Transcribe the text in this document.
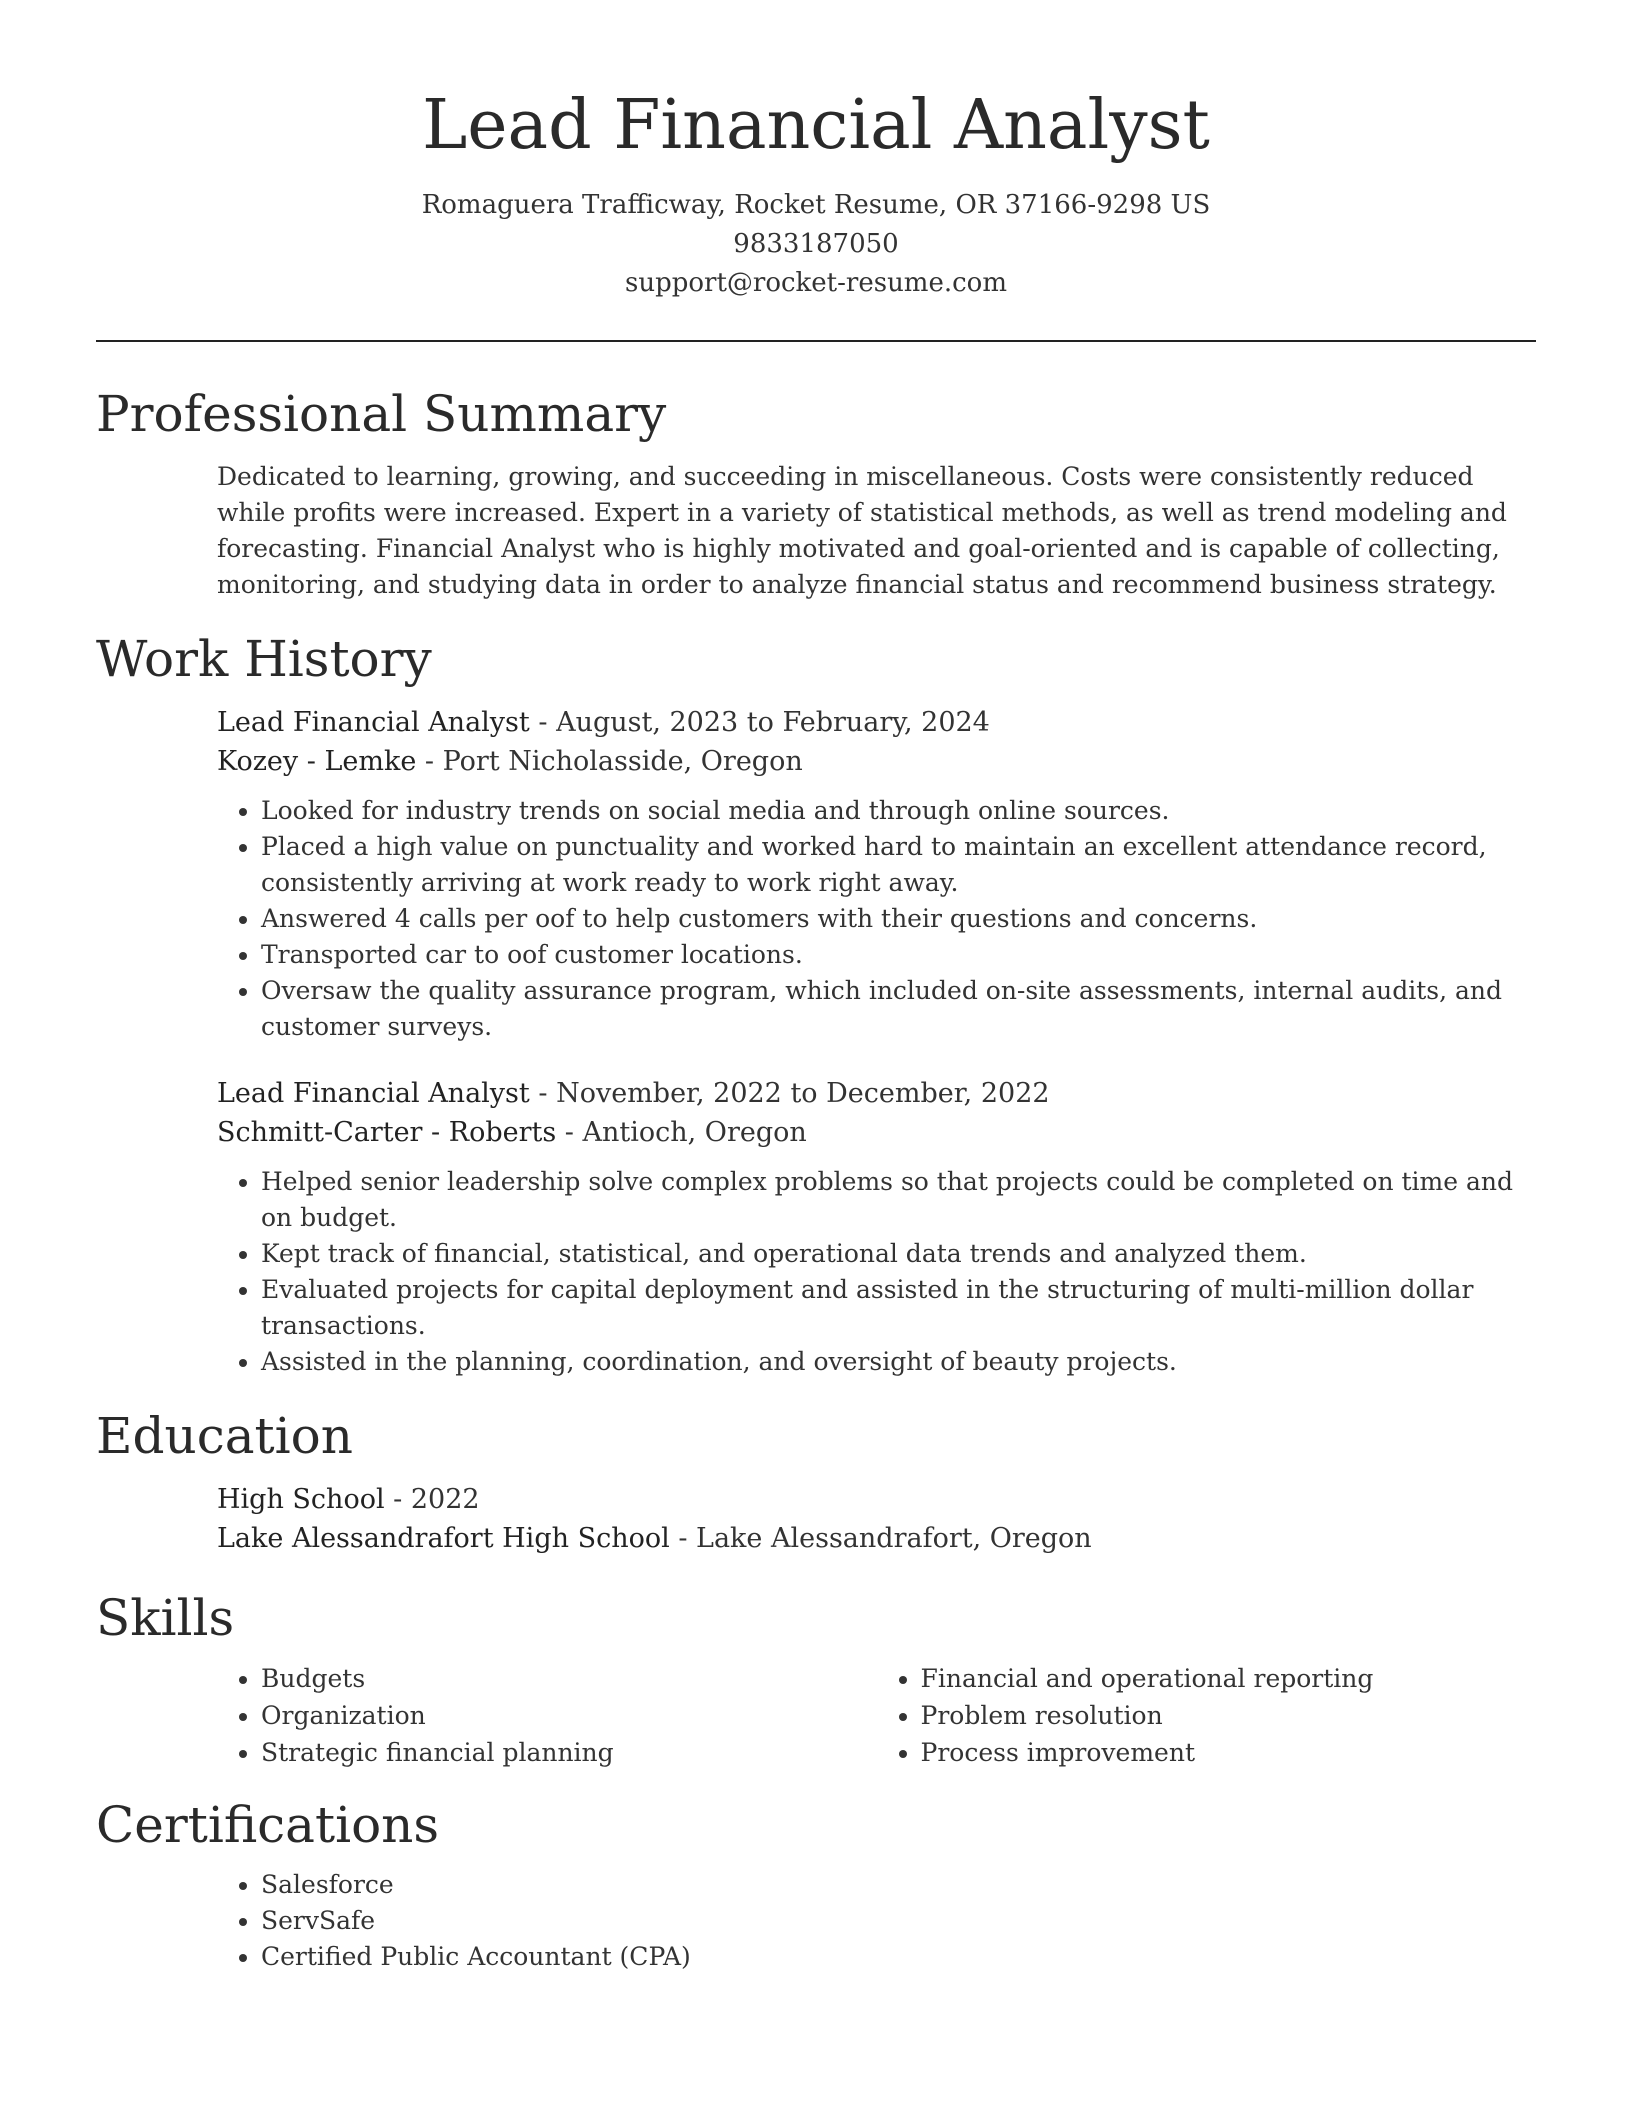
Lead Financial Analyst
Romaguera Trafficway, Rocket Resume, OR 37166-9298 US
9833187050
support@rocket-resume.com
Professional Summary
Dedicated to learning, growing, and succeeding in miscellaneous. Costs were consistently reduced while profits were increased. Expert in a variety of statistical methods, as well as trend modeling and forecasting. Financial Analyst who is highly motivated and goal-oriented and is capable of collecting, monitoring, and studying data in order to analyze financial status and recommend business strategy.
Work History
Lead Financial Analyst - August, 2023 to February, 2024
Kozey - Lemke - Port Nicholasside, Oregon
• Looked for industry trends on social media and through online sources.
• Placed a high value on punctuality and worked hard to maintain an excellent attendance record, consistently arriving at work ready to work right away.
• Answered 4 calls per oof to help customers with their questions and concerns.
• Transported car to oof customer locations.
• Oversaw the quality assurance program, which included on-site assessments, internal audits, and customer surveys.
Lead Financial Analyst - November, 2022 to December, 2022
Schmitt-Carter - Roberts - Antioch, Oregon
• Helped senior leadership solve complex problems so that projects could be completed on time and on budget.
• Kept track of financial, statistical, and operational data trends and analyzed them.
• Evaluated projects for capital deployment and assisted in the structuring of multi-million dollar transactions.
• Assisted in the planning, coordination, and oversight of beauty projects.
Education
High School - 2022
Lake Alessandrafort High School - Lake Alessandrafort, Oregon
Skills
• Budgets
• Organization
• Strategic financial planning
• Financial and operational reporting
• Problem resolution
• Process improvement
Certifications
• Salesforce
• ServSafe
• Certified Public Accountant (CPA)
